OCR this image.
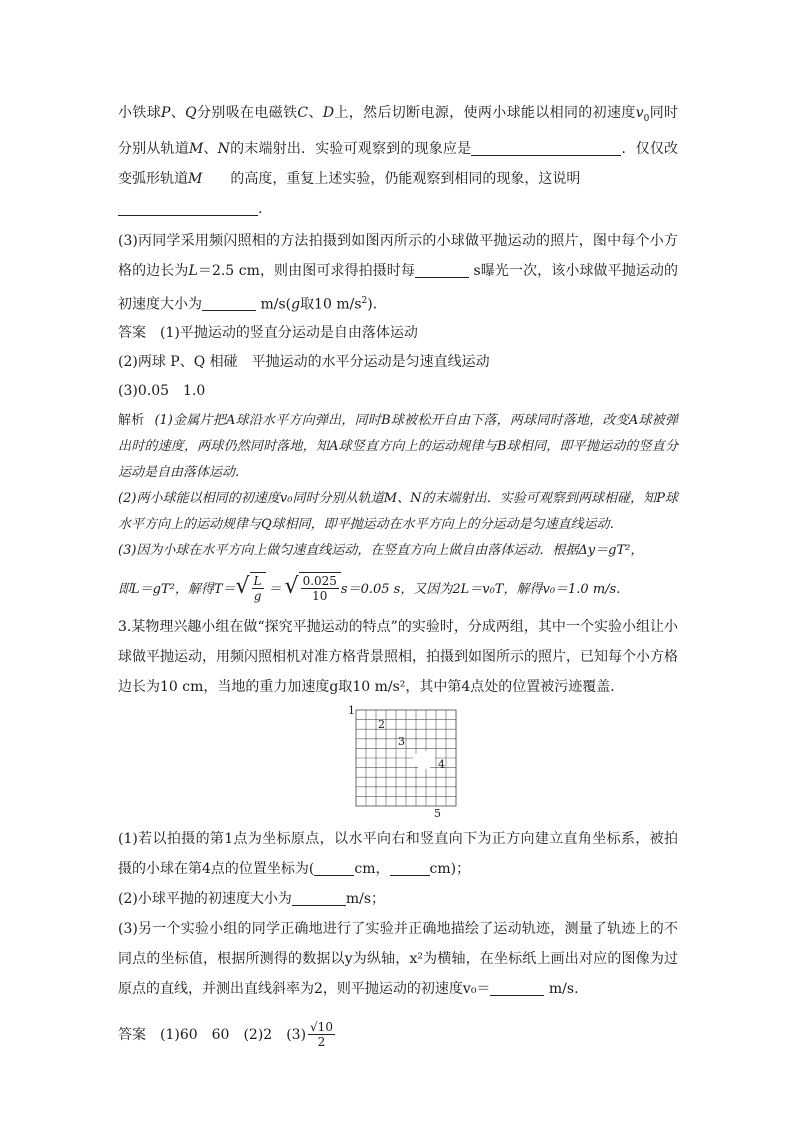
小铁球P、Q分别吸在电磁铁C、D上，然后切断电源，使两小球能以相同的初速度$v_0$同时分别从轨道M、N的末端射出．实验可观察到的现象应是	．仅仅改变弧形轨道M　　 的高度，重复上述实验，仍能观察到相同的现象，这说明
.

(3)丙同学采用频闪照相的方法拍摄到如图丙所示的小球做平抛运动的照片，图中每个小方格的边长为L＝2.5 cm，则由图可求得拍摄时每	s曝光一次，该小球做平抛运动的初速度大小为	m/s(g取10 $m/s^2$)．

答案 (1)平抛运动的竖直分运动是自由落体运动
(2)两球 P、Q 相碰　平抛运动的水平分运动是匀速直线运动
(3)0.05　1.0

解析 (1)金属片把A球沿水平方向弹出，同时B球被松开自由下落，两球同时落地，改变A球被弹出时的速度，两球仍然同时落地，知A球竖直方向上的运动规律与B球相同，即平抛运动的竖直分运动是自由落体运动．

(2)两小球能以相同的初速度v₀同时分别从轨道M、N的末端射出．实验可观察到两球相碰，知P球水平方向上的运动规律与Q球相同，即平抛运动在水平方向上的分运动是匀速直线运动．

(3)因为小球在水平方向上做匀速直线运动，在竖直方向上做自由落体运动．根据Δy＝gT²，

即L＝gT²，解得T＝ √ $\frac{L}{g}$ ＝ √ $\frac{0.025}{10} s=0.05$ s，又因为2L＝v₀T，解得v₀＝1.0 m/s.

3.某物理兴趣小组在做“探究平抛运动的特点”的实验时，分成两组，其中一个实验小组让小球做平抛运动，用频闪照相机对准方格背景照相，拍摄到如图所示的照片，已知每个小方格边长为10 cm，当地的重力加速度g取10 m/s²，其中第4点处的位置被污迹覆盖．

1
2
3
4
5

(1)若以拍摄的第1点为坐标原点，以水平向右和竖直向下为正方向建立直角坐标系，被拍摄的小球在第4点的位置坐标为(	cm，	cm)；

(2)小球平抛的初速度大小为	m/s；

(3)另一个实验小组的同学正确地进行了实验并正确地描绘了运动轨迹，测量了轨迹上的不同点的坐标值，根据所测得的数据以y为纵轴，x²为横轴，在坐标纸上画出对应的图像为过原点的直线，并测出直线斜率为2，则平抛运动的初速度v₀＝	m/s.

答案 (1)60　60　(2)2　$(3) \frac{√10}{2}$
